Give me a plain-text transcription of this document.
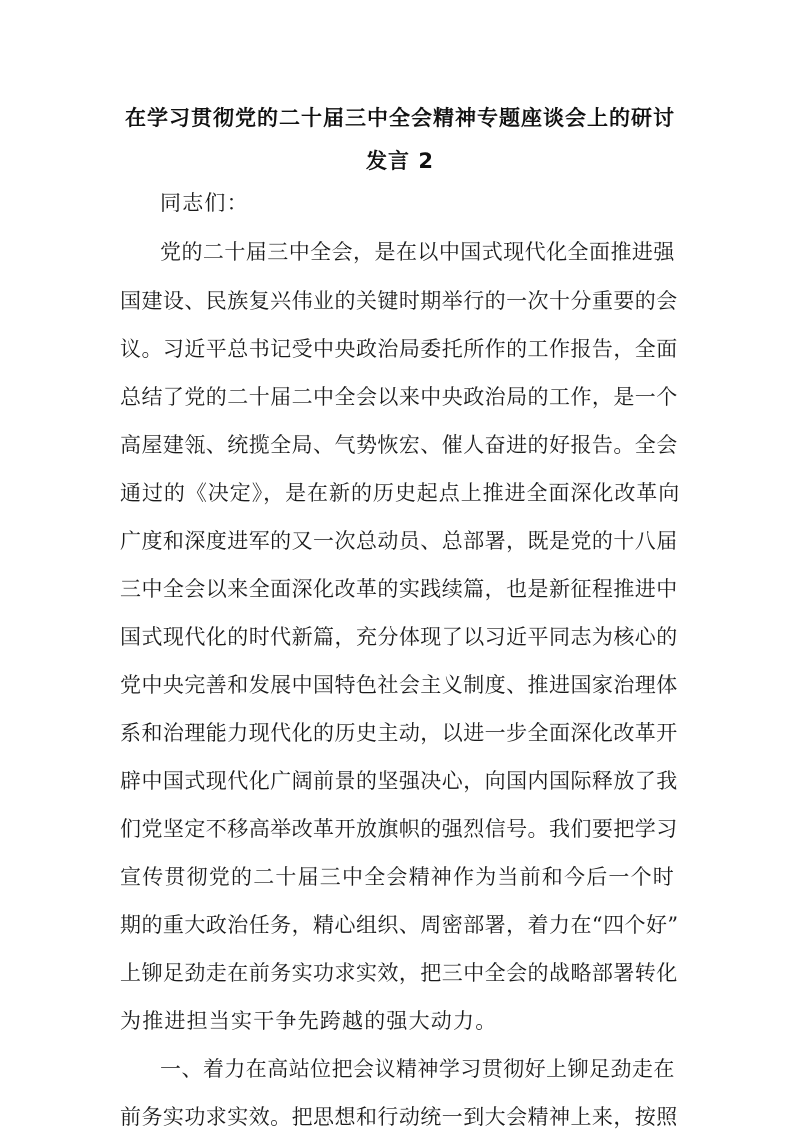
在学习贯彻党的二十届三中全会精神专题座谈会上的研讨
发言 2
同志们：
党的二十届三中全会，是在以中国式现代化全面推进强
国建设、民族复兴伟业的关键时期举行的一次十分重要的会
议。习近平总书记受中央政治局委托所作的工作报告，全面
总结了党的二十届二中全会以来中央政治局的工作，是一个
高屋建瓴、统揽全局、气势恢宏、催人奋进的好报告。全会
通过的《决定》，是在新的历史起点上推进全面深化改革向
广度和深度进军的又一次总动员、总部署，既是党的十八届
三中全会以来全面深化改革的实践续篇，也是新征程推进中
国式现代化的时代新篇，充分体现了以习近平同志为核心的
党中央完善和发展中国特色社会主义制度、推进国家治理体
系和治理能力现代化的历史主动，以进一步全面深化改革开
辟中国式现代化广阔前景的坚强决心，向国内国际释放了我
们党坚定不移高举改革开放旗帜的强烈信号。我们要把学习
宣传贯彻党的二十届三中全会精神作为当前和今后一个时
期的重大政治任务，精心组织、周密部署，着力在“四个好”
上铆足劲走在前务实功求实效，把三中全会的战略部署转化
为推进担当实干争先跨越的强大动力。
一、着力在高站位把会议精神学习贯彻好上铆足劲走在
前务实功求实效。把思想和行动统一到大会精神上来，按照
